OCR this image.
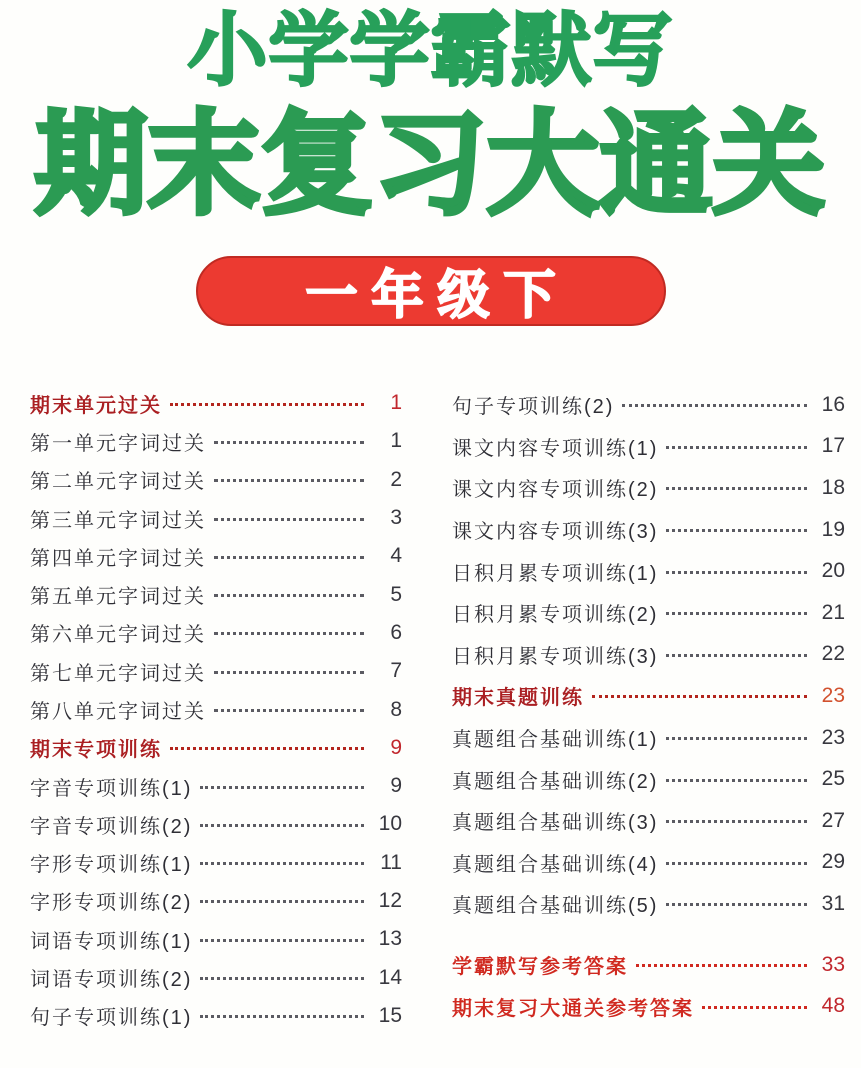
小学学霸默写
期末复习大通关
一年级下
期末单元过关	1
第一单元字词过关	1
第二单元字词过关	2
第三单元字词过关	3
第四单元字词过关	4
第五单元字词过关	5
第六单元字词过关	6
第七单元字词过关	7
第八单元字词过关	8
期末专项训练	9
字音专项训练(1)	9
字音专项训练(2)	10
字形专项训练(1)	11
字形专项训练(2)	12
词语专项训练(1)	13
词语专项训练(2)	14
句子专项训练(1)	15
句子专项训练(2)	16
课文内容专项训练(1)	17
课文内容专项训练(2)	18
课文内容专项训练(3)	19
日积月累专项训练(1)	20
日积月累专项训练(2)	21
日积月累专项训练(3)	22
期末真题训练	23
真题组合基础训练(1)	23
真题组合基础训练(2)	25
真题组合基础训练(3)	27
真题组合基础训练(4)	29
真题组合基础训练(5)	31
学霸默写参考答案	33
期末复习大通关参考答案	48
